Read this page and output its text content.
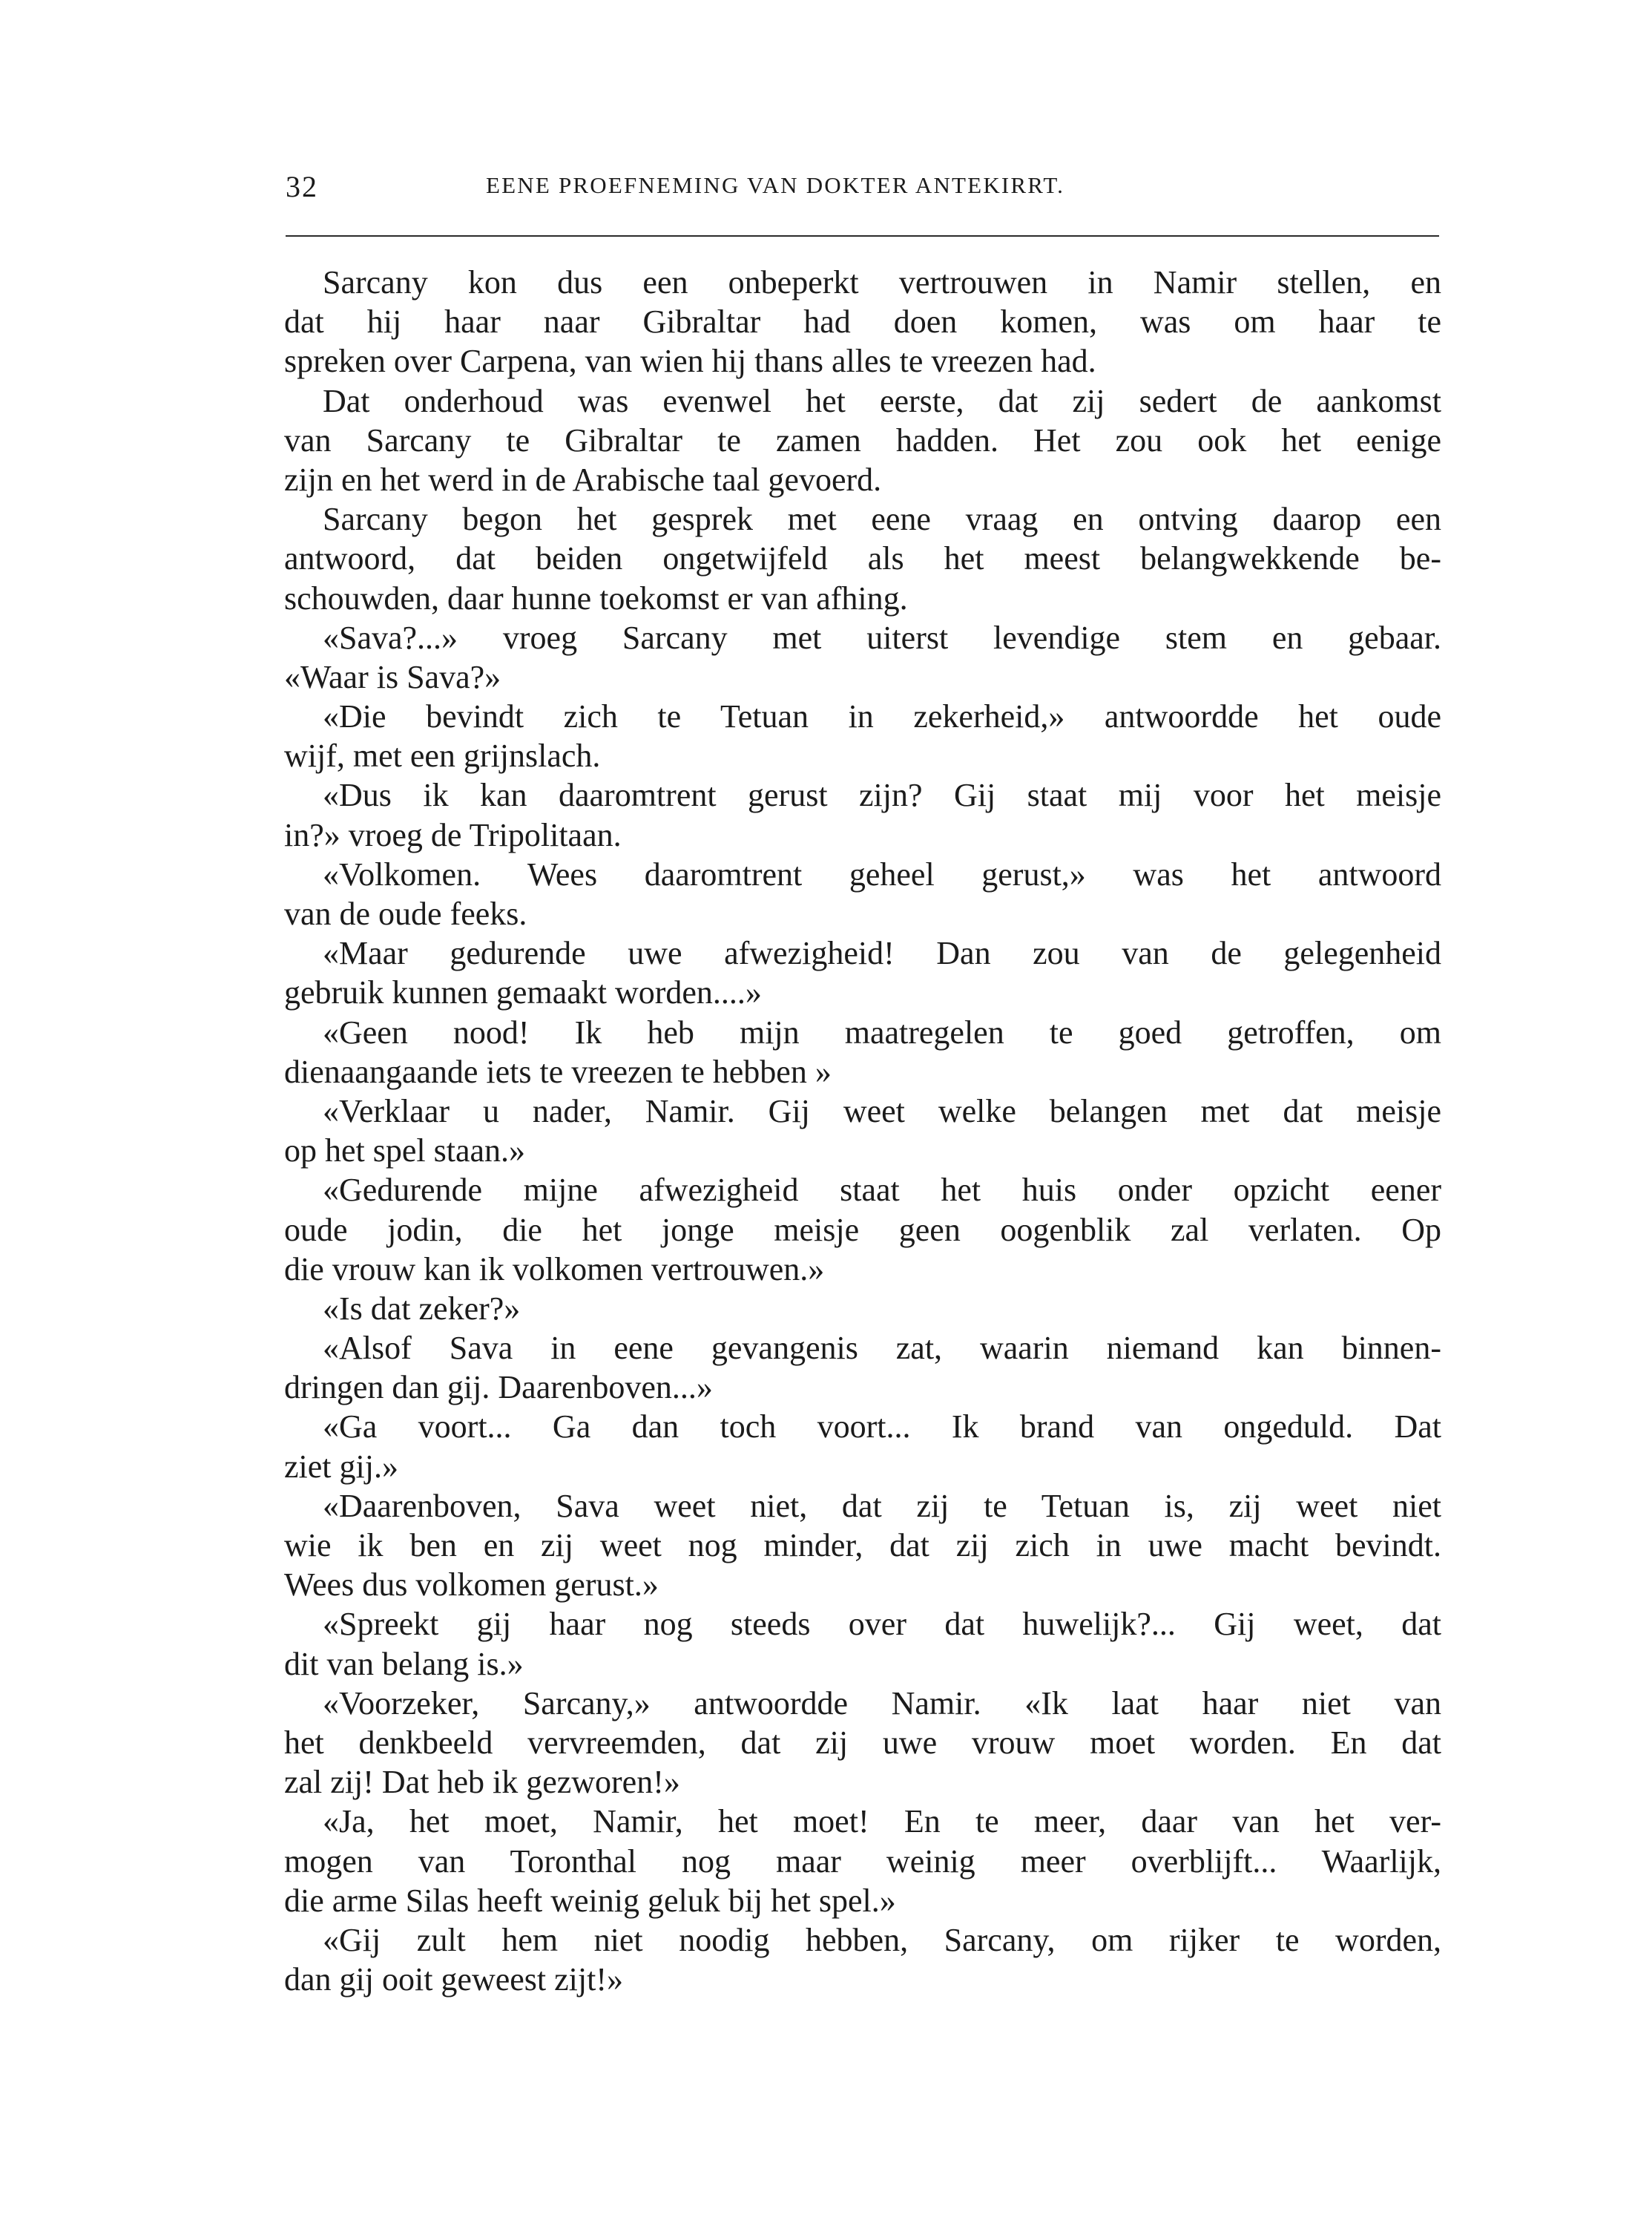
32	EENE PROEFNEMING VAN DOKTER ANTEKIRRT.
Sarcany kon dus een onbeperkt vertrouwen in Namir stellen, en
dat hij haar naar Gibraltar had doen komen, was om haar te
spreken over Carpena, van wien hij thans alles te vreezen had.
Dat onderhoud was evenwel het eerste, dat zij sedert de aankomst
van Sarcany te Gibraltar te zamen hadden. Het zou ook het eenige
zijn en het werd in de Arabische taal gevoerd.
Sarcany begon het gesprek met eene vraag en ontving daarop een
antwoord, dat beiden ongetwijfeld als het meest belangwekkende be-
schouwden, daar hunne toekomst er van afhing.
«Sava?...» vroeg Sarcany met uiterst levendige stem en gebaar.
«Waar is Sava?»
«Die bevindt zich te Tetuan in zekerheid,» antwoordde het oude
wijf, met een grijnslach.
«Dus ik kan daaromtrent gerust zijn? Gij staat mij voor het meisje
in?» vroeg de Tripolitaan.
«Volkomen. Wees daaromtrent geheel gerust,» was het antwoord
van de oude feeks.
«Maar gedurende uwe afwezigheid! Dan zou van de gelegenheid
gebruik kunnen gemaakt worden....»
«Geen nood! Ik heb mijn maatregelen te goed getroffen, om
dienaangaande iets te vreezen te hebben »
«Verklaar u nader, Namir. Gij weet welke belangen met dat meisje
op het spel staan.»
«Gedurende mijne afwezigheid staat het huis onder opzicht eener
oude jodin, die het jonge meisje geen oogenblik zal verlaten. Op
die vrouw kan ik volkomen vertrouwen.»
«Is dat zeker?»
«Alsof Sava in eene gevangenis zat, waarin niemand kan binnen-
dringen dan gij. Daarenboven...»
«Ga voort... Ga dan toch voort... Ik brand van ongeduld. Dat
ziet gij.»
«Daarenboven, Sava weet niet, dat zij te Tetuan is, zij weet niet
wie ik ben en zij weet nog minder, dat zij zich in uwe macht bevindt.
Wees dus volkomen gerust.»
«Spreekt gij haar nog steeds over dat huwelijk?... Gij weet, dat
dit van belang is.»
«Voorzeker, Sarcany,» antwoordde Namir. «Ik laat haar niet van
het denkbeeld vervreemden, dat zij uwe vrouw moet worden. En dat
zal zij! Dat heb ik gezworen!»
«Ja, het moet, Namir, het moet! En te meer, daar van het ver-
mogen van Toronthal nog maar weinig meer overblijft... Waarlijk,
die arme Silas heeft weinig geluk bij het spel.»
«Gij zult hem niet noodig hebben, Sarcany, om rijker te worden,
dan gij ooit geweest zijt!»
